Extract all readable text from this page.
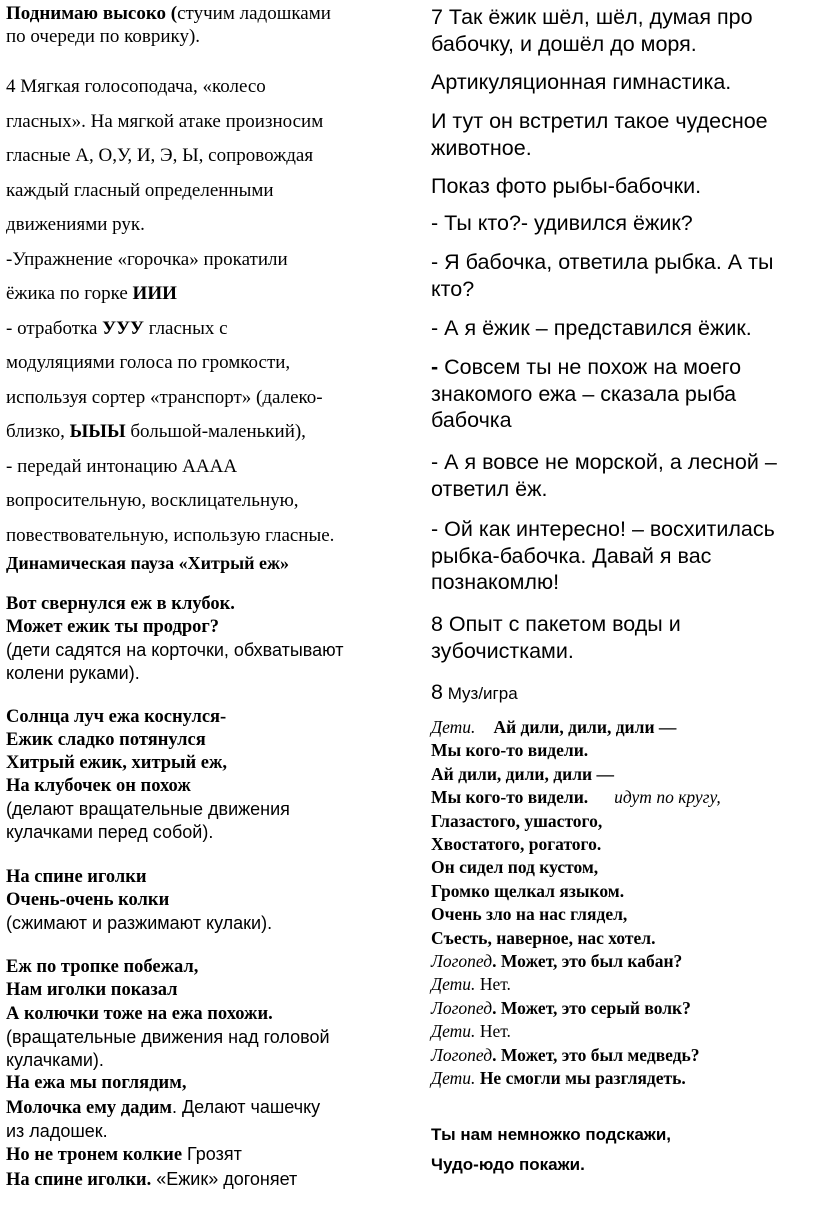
Поднимаю высоко (стучим ладошками
по очереди по коврику).
4 Мягкая голосоподача, «колесо
гласных». На мягкой атаке произносим
гласные А, О,У, И, Э, Ы, сопровождая
каждый гласный определенными
движениями рук.
-Упражнение «горочка» прокатили
ёжика по горке ИИИ
- отработка УУУ гласных с
модуляциями голоса по громкости,
используя сортер «транспорт» (далеко-
близко, ЫЫЫ большой-маленький),
- передай интонацию АААА
вопросительную, восклицательную,
повествовательную, использую гласные.

Динамическая пауза «Хитрый еж»

Вот свернулся еж в клубок.
Может ежик ты продрог?
(дети садятся на корточки, обхватывают
колени руками).
Солнца луч ежа коснулся-
Ежик сладко потянулся
Хитрый ежик, хитрый еж,
На клубочек он похож
(делают вращательные движения
кулачками перед собой).
На спине иголки
Очень-очень колки
(сжимают и разжимают кулаки).
Еж по тропке побежал,
Нам иголки показал
А колючки тоже на ежа похожи.
(вращательные движения над головой
кулачками).
На ежа мы поглядим,
Молочка ему дадим. Делают чашечку
из ладошек.
Но не тронем колкие Грозят
На спине иголки. «Ежик» догоняет
7 Так ёжик шёл, шёл, думая про
бабочку, и дошёл до моря.

Артикуляционная гимнастика.

И тут он встретил такое чудесное
животное.

Показ фото рыбы-бабочки.

- Ты кто?- удивился ёжик?

- Я бабочка, ответила рыбка. А ты
кто?

- А я ёжик – представился ёжик.

- Совсем ты не похож на моего
знакомого ежа – сказала рыба
бабочка
- А я вовсе не морской, а лесной –
ответил ёж.
- Ой как интересно! – восхитилась
рыбка-бабочка. Давай я вас
познакомлю!
8 Опыт с пакетом воды и
зубочистками.

8 Муз/игра

Дети. Ай дили, дили, дили —
Мы кого-то видели.
Ай дили, дили, дили —
Мы кого-то видели. идут по кругу,
Глазастого, ушастого,
Хвостатого, рогатого.
Он сидел под кустом,
Громко щелкал языком.
Очень зло на нас глядел,
Съесть, наверное, нас хотел.
Логопед. Может, это был кабан?
Дети. Нет.
Логопед. Может, это серый волк?
Дети. Нет.
Логопед. Может, это был медведь?
Дети. Не смогли мы разглядеть.
Ты нам немножко подскажи,
Чудо-юдо покажи.
